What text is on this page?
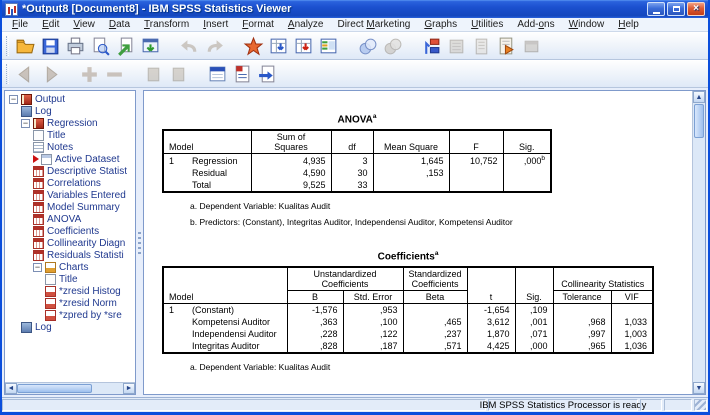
*Output8 [Document8] - IBM SPSS Statistics Viewer	×
File	Edit	View	Data	Transform	Insert	Format	Analyze	Direct Marketing	Graphs	Utilities	Add-ons	Window	Help
− Output
Log
− Regression
Title
Notes
Active Dataset
Descriptive Statist
Correlations
Variables Entered
Model Summary
ANOVA
Coefficients
Collinearity Diagn
Residuals Statisti
− Charts
Title
*zresid Histog
*zresid Norm
*zpred by *sre
Log
◄	►
ANOVA$^a$
Model		Sum of
Squares	df	Mean Square	F	Sig.
1	Regression	4,935	3	1,645	10,752	,000$^b$
	Residual	4,590	30	,153		
	Total	9,525	33			
a. Dependent Variable: Kualitas Audit
b. Predictors: (Constant), Integritas Auditor, Independensi Auditor, Kompetensi Auditor
Coefficients$^a$
Model		Unstandardized Coefficients		Standardized
Coefficients			Collinearity Statistics	
		B	Std. Error	Beta	t	Sig.	Tolerance	VIF
1	(Constant)	-1,576	,953		-1,654	,109		
	Kompetensi Auditor	,363	,100	,465	3,612	,001	,968	1,033
	Independensi Auditor	,228	,122	,237	1,870	,071	,997	1,003
	Integritas Auditor	,828	,187	,571	4,425	,000	,965	1,036
a. Dependent Variable: Kualitas Audit
▲
▼
IBM SPSS Statistics Processor is ready
